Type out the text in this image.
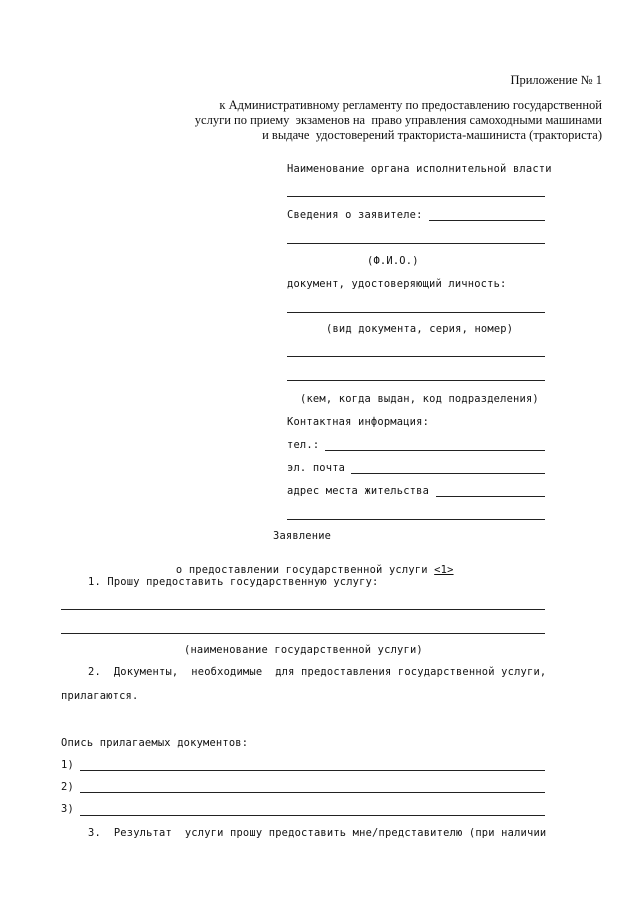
Приложение № 1
к Административному регламенту по предоставлению государственной
услуги по приему  экзаменов на  право управления самоходными машинами
и выдаче  удостоверений тракториста-машиниста (тракториста)
Наименование органа исполнительной власти
Сведения о заявителе:
(Ф.И.О.)
документ, удостоверяющий личность:
(вид документа, серия, номер)
(кем, когда выдан, код подразделения)
Контактная информация:
тел.:
эл. почта
адрес места жительства
Заявление

о предоставлении государственной услуги <1>

1. Прошу предоставить государственную услугу:
(наименование государственной услуги)
2.  Документы,  необходимые  для предоставления государственной услуги,
прилагаются.
Опись прилагаемых документов:
1)
2)
3)
3.  Результат  услуги прошу предоставить мне/представителю (при наличии
